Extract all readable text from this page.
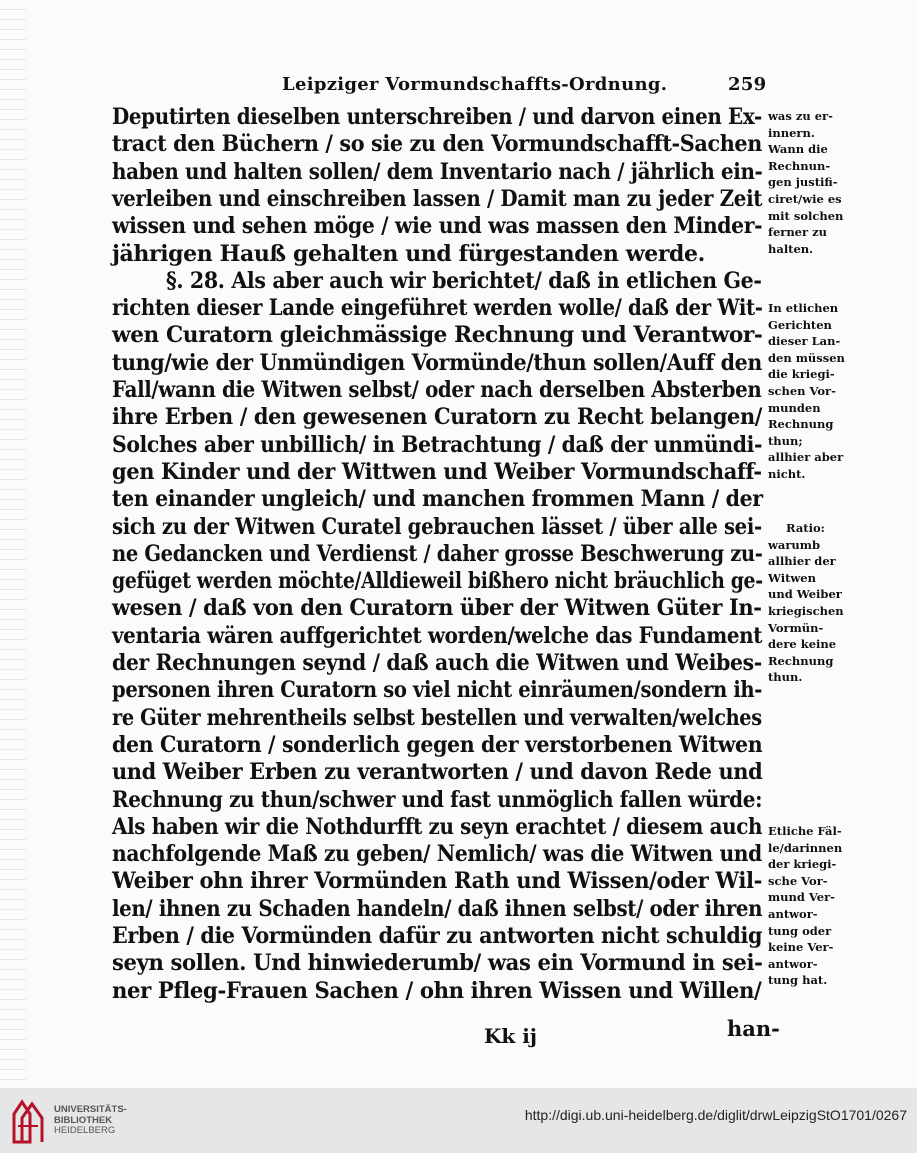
Leipziger Vormundschaffts-Ordnung.	259
Deputirten dieselben unterschreiben / und darvon einen Ex-
tract den Büchern / so sie zu den Vormundschafft-Sachen
haben und halten sollen/ dem Inventario nach / jährlich ein-
verleiben und einschreiben lassen / Damit man zu jeder Zeit
wissen und sehen möge / wie und was massen den Minder-
jährigen Hauß gehalten und fürgestanden werde.
§. 28. Als aber auch wir berichtet/ daß in etlichen Ge-
richten dieser Lande eingeführet werden wolle/ daß der Wit-
wen Curatorn gleichmässige Rechnung und Verantwor-
tung/wie der Unmündigen Vormünde/thun sollen/Auff den
Fall/wann die Witwen selbst/ oder nach derselben Absterben
ihre Erben / den gewesenen Curatorn zu Recht belangen/
Solches aber unbillich/ in Betrachtung / daß der unmündi-
gen Kinder und der Wittwen und Weiber Vormundschaff-
ten einander ungleich/ und manchen frommen Mann / der
sich zu der Witwen Curatel gebrauchen lässet / über alle sei-
ne Gedancken und Verdienst / daher grosse Beschwerung zu-
gefüget werden möchte/Alldieweil bißhero nicht bräuchlich ge-
wesen / daß von den Curatorn über der Witwen Güter In-
ventaria wären auffgerichtet worden/welche das Fundament
der Rechnungen seynd / daß auch die Witwen und Weibes-
personen ihren Curatorn so viel nicht einräumen/sondern ih-
re Güter mehrentheils selbst bestellen und verwalten/welches
den Curatorn / sonderlich gegen der verstorbenen Witwen
und Weiber Erben zu verantworten / und davon Rede und
Rechnung zu thun/schwer und fast unmöglich fallen würde:
Als haben wir die Nothdurfft zu seyn erachtet / diesem auch
nachfolgende Maß zu geben/ Nemlich/ was die Witwen und
Weiber ohn ihrer Vormünden Rath und Wissen/oder Wil-
len/ ihnen zu Schaden handeln/ daß ihnen selbst/ oder ihren
Erben / die Vormünden dafür zu antworten nicht schuldig
seyn sollen. Und hinwiederumb/ was ein Vormund in sei-
ner Pfleg-Frauen Sachen / ohn ihren Wissen und Willen/
was zu er-
innern.
Wann die
Rechnun-
gen justifi-
ciret/wie es
mit solchen
ferner zu
halten.
In etlichen
Gerichten
dieser Lan-
den müssen
die kriegi-
schen Vor-
munden
Rechnung
thun;
allhier aber
nicht.
Ratio:
warumb
allhier der
Witwen
und Weiber
kriegischen
Vormün-
dere keine
Rechnung
thun.
Etliche Fäl-
le/darinnen
der kriegi-
sche Vor-
mund Ver-
antwor-
tung oder
keine Ver-
antwor-
tung hat.
Kk ij	han-
UNIVERSITÄTS-
BIBLIOTHEK
HEIDELBERG
http://digi.ub.uni-heidelberg.de/diglit/drwLeipzigStO1701/0267
